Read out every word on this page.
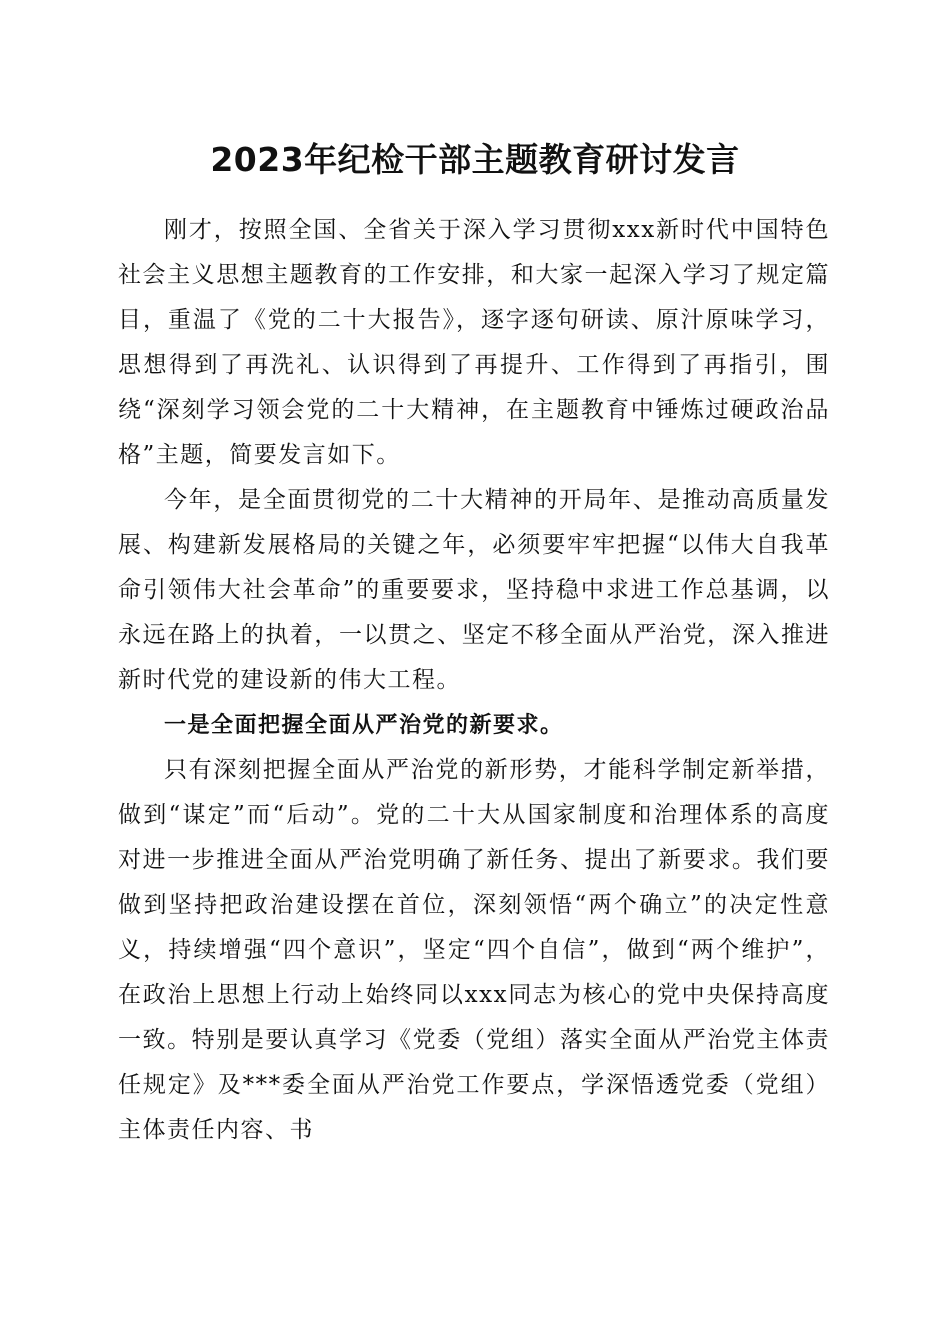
2023年纪检干部主题教育研讨发言

刚才，按照全国、全省关于深入学习贯彻xxx新时代中国特色社会主义思想主题教育的工作安排，和大家一起深入学习了规定篇目，重温了《党的二十大报告》，逐字逐句研读、原汁原味学习，思想得到了再洗礼、认识得到了再提升、工作得到了再指引，围绕“深刻学习领会党的二十大精神，在主题教育中锤炼过硬政治品格”主题，简要发言如下。

今年，是全面贯彻党的二十大精神的开局年、是推动高质量发展、构建新发展格局的关键之年，必须要牢牢把握“以伟大自我革命引领伟大社会革命”的重要要求，坚持稳中求进工作总基调，以永远在路上的执着，一以贯之、坚定不移全面从严治党，深入推进新时代党的建设新的伟大工程。

一是全面把握全面从严治党的新要求。

只有深刻把握全面从严治党的新形势，才能科学制定新举措，做到“谋定”而“后动”。党的二十大从国家制度和治理体系的高度对进一步推进全面从严治党明确了新任务、提出了新要求。我们要做到坚持把政治建设摆在首位，深刻领悟“两个确立”的决定性意义，持续增强“四个意识”，坚定“四个自信”，做到“两个维护”，在政治上思想上行动上始终同以xxx同志为核心的党中央保持高度一致。特别是要认真学习《党委（党组）落实全面从严治党主体责任规定》及***委全面从严治党工作要点，学深悟透党委（党组）主体责任内容、书
